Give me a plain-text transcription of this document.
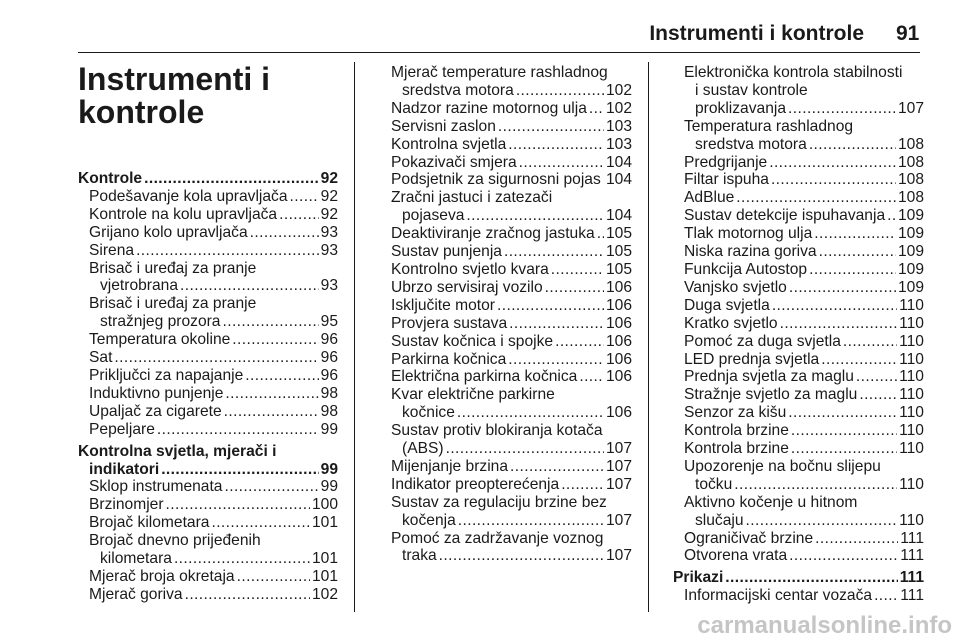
Instrumenti i kontrole 91
Instrumenti i
kontrole
Kontrole .....	92
Podešavanje kola upravljača ..... 92
Kontrole na kolu upravljača .....	92
Grijano kolo upravljača .....	93
Sirena .....	93
Brisač i uređaj za pranje
vjetrobrana .....	93
Brisač i uređaj za pranje
stražnjeg prozora .....	95
Temperatura okoline .....	96
Sat .....	96
Priključci za napajanje .....	96
Induktivno punjenje .....	98
Upaljač za cigarete .....	98
Pepeljare .....	99
Kontrolna svjetla, mjerači i
indikatori .....	99
Sklop instrumenata .....	99
Brzinomjer .....	100
Brojač kilometara .....	101
Brojač dnevno prijeđenih
kilometara .....	101
Mjerač broja okretaja .....	101
Mjerač goriva .....	102
Mjerač temperature rashladnog
sredstva motora .....	102
Nadzor razine motornog ulja ..... 102
Servisni zaslon .....	103
Kontrolna svjetla .....	103
Pokazivači smjera .....	104
Podsjetnik za sigurnosni pojas ..... 104
Zračni jastuci i zatezači
pojaseva .....	104
Deaktiviranje zračnog jastuka ..... 105
Sustav punjenja .....	105
Kontrolno svjetlo kvara .....	105
Ubrzo servisiraj vozilo .....	106
Isključite motor .....	106
Provjera sustava .....	106
Sustav kočnica i spojke .....	106
Parkirna kočnica .....	106
Električna parkirna kočnica ..... 106
Kvar električne parkirne
kočnice .....	106
Sustav protiv blokiranja kotača
(ABS) .....	107
Mijenjanje brzina .....	107
Indikator preopterećenja .....	107
Sustav za regulaciju brzine bez
kočenja .....	107
Pomoć za zadržavanje voznog
traka .....	107
Elektronička kontrola stabilnosti
i sustav kontrole
proklizavanja .....	107
Temperatura rashladnog
sredstva motora .....	108
Predgrijanje .....	108
Filtar ispuha .....	108
AdBlue .....	108
Sustav detekcije ispuhavanja ..... 109
Tlak motornog ulja .....	109
Niska razina goriva .....	109
Funkcija Autostop .....	109
Vanjsko svjetlo .....	109
Duga svjetla .....	110
Kratko svjetlo .....	110
Pomoć za duga svjetla .....	110
LED prednja svjetla .....	110
Prednja svjetla za maglu .....	110
Stražnje svjetlo za maglu .....	110
Senzor za kišu .....	110
Kontrola brzine .....	110
Kontrola brzine .....	110
Upozorenje na bočnu slijepu
točku .....	110
Aktivno kočenje u hitnom
slučaju .....	110
Ograničivač brzine .....	111
Otvorena vrata .....	111
Prikazi .....	111
Informacijski centar vozača ..... 111
carmanualsonline.info
